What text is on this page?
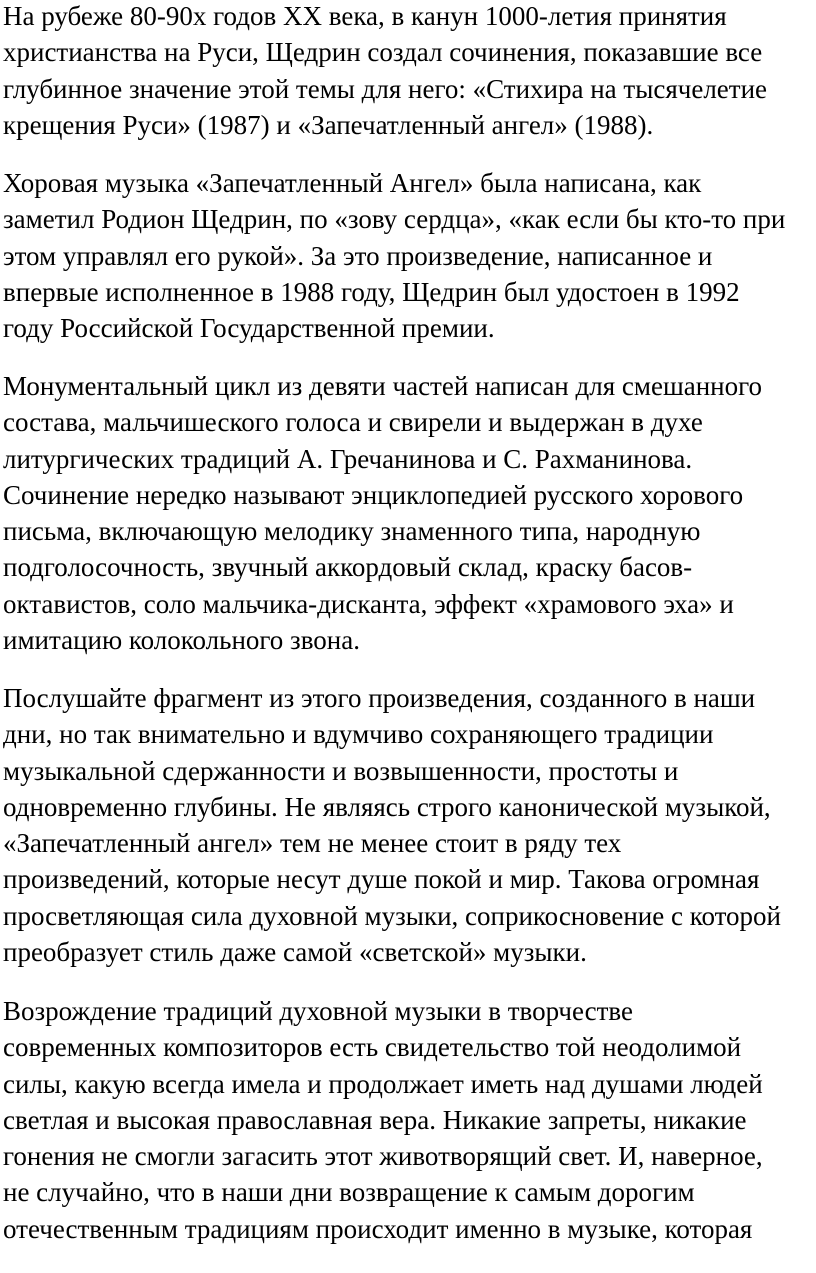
На рубеже 80-90х годов XX века, в канун 1000-летия принятия
христианства на Руси, Щедрин создал сочинения, показавшие все
глубинное значение этой темы для него: «Стихира на тысячелетие
крещения Руси» (1987) и «Запечатленный ангел» (1988).

Хоровая музыка «Запечатленный Ангел» была написана, как
заметил Родион Щедрин, по «зову сердца», «как если бы кто-то при
этом управлял его рукой». За это произведение, написанное и
впервые исполненное в 1988 году, Щедрин был удостоен в 1992
году Российской Государственной премии.

Монументальный цикл из девяти частей написан для смешанного
состава, мальчишеского голоса и свирели и выдержан в духе
литургических традиций А. Гречанинова и С. Рахманинова.
Сочинение нередко называют энциклопедией русского хорового
письма, включающую мелодику знаменного типа, народную
подголосочность, звучный аккордовый склад, краску басов-
октавистов, соло мальчика-дисканта, эффект «храмового эха» и
имитацию колокольного звона.

Послушайте фрагмент из этого произведения, созданного в наши
дни, но так внимательно и вдумчиво сохраняющего традиции
музыкальной сдержанности и возвышенности, простоты и
одновременно глубины. Не являясь строго канонической музыкой,
«Запечатленный ангел» тем не менее стоит в ряду тех
произведений, которые несут душе покой и мир. Такова огромная
просветляющая сила духовной музыки, соприкосновение с которой
преобразует стиль даже самой «светской» музыки.

Возрождение традиций духовной музыки в творчестве
современных композиторов есть свидетельство той неодолимой
силы, какую всегда имела и продолжает иметь над душами людей
светлая и высокая православная вера. Никакие запреты, никакие
гонения не смогли загасить этот животворящий свет. И, наверное,
не случайно, что в наши дни возвращение к самым дорогим
отечественным традициям происходит именно в музыке, которая
